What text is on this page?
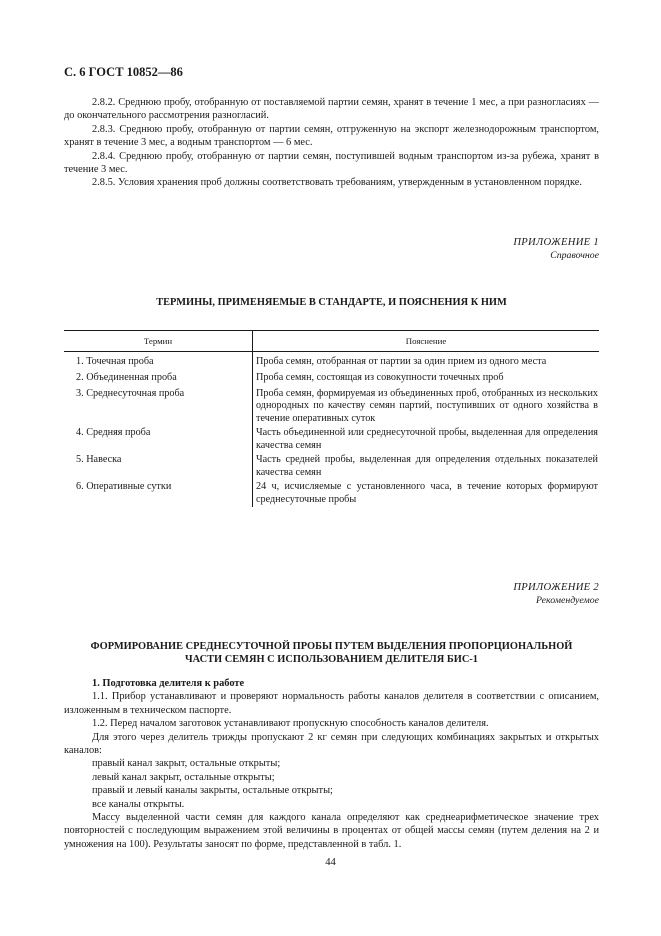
С. 6 ГОСТ 10852—86

2.8.2. Среднюю пробу, отобранную от поставляемой партии семян, хранят в течение 1 мес, а при разногласиях — до окончательного рассмотрения разногласий.

2.8.3. Среднюю пробу, отобранную от партии семян, отгруженную на экспорт железнодорожным транспортом, хранят в течение 3 мес, а водным транспортом — 6 мес.

2.8.4. Среднюю пробу, отобранную от партии семян, поступившей водным транспортом из-за рубежа, хранят в течение 3 мес.

2.8.5. Условия хранения проб должны соответствовать требованиям, утвержденным в установленном порядке.

ПРИЛОЖЕНИЕ 1
Справочное
ТЕРМИНЫ, ПРИМЕНЯЕМЫЕ В СТАНДАРТЕ, И ПОЯСНЕНИЯ К НИМ
Термин	Пояснение
1. Точечная проба	Проба семян, отобранная от партии за один прием из одного места
2. Объединенная проба	Проба семян, состоящая из совокупности точечных проб
3. Среднесуточная проба	Проба семян, формируемая из объединенных проб, отобранных из нескольких однородных по качеству семян партий, поступивших от одного хозяйства в течение оперативных суток
4. Средняя проба	Часть объединенной или среднесуточной пробы, выделенная для определения качества семян
5. Навеска	Часть средней пробы, выделенная для определения отдельных показателей качества семян
6. Оперативные сутки	24 ч, исчисляемые с установленного часа, в течение которых формируют среднесуточные пробы
ПРИЛОЖЕНИЕ 2
Рекомендуемое
ФОРМИРОВАНИЕ СРЕДНЕСУТОЧНОЙ ПРОБЫ ПУТЕМ ВЫДЕЛЕНИЯ ПРОПОРЦИОНАЛЬНОЙ
ЧАСТИ СЕМЯН С ИСПОЛЬЗОВАНИЕМ ДЕЛИТЕЛЯ БИС-1

1. Подготовка делителя к работе

1.1. Прибор устанавливают и проверяют нормальность работы каналов делителя в соответствии с описанием, изложенным в техническом паспорте.

1.2. Перед началом заготовок устанавливают пропускную способность каналов делителя.

Для этого через делитель трижды пропускают 2 кг семян при следующих комбинациях закрытых и открытых каналов:

правый канал закрыт, остальные открыты;

левый канал закрыт, остальные открыты;

правый и левый каналы закрыты, остальные открыты;

все каналы открыты.

Массу выделенной части семян для каждого канала определяют как среднеарифметическое значение трех повторностей с последующим выражением этой величины в процентах от общей массы семян (путем деления на 2 и умножения на 100). Результаты заносят по форме, представленной в табл. 1.

44
